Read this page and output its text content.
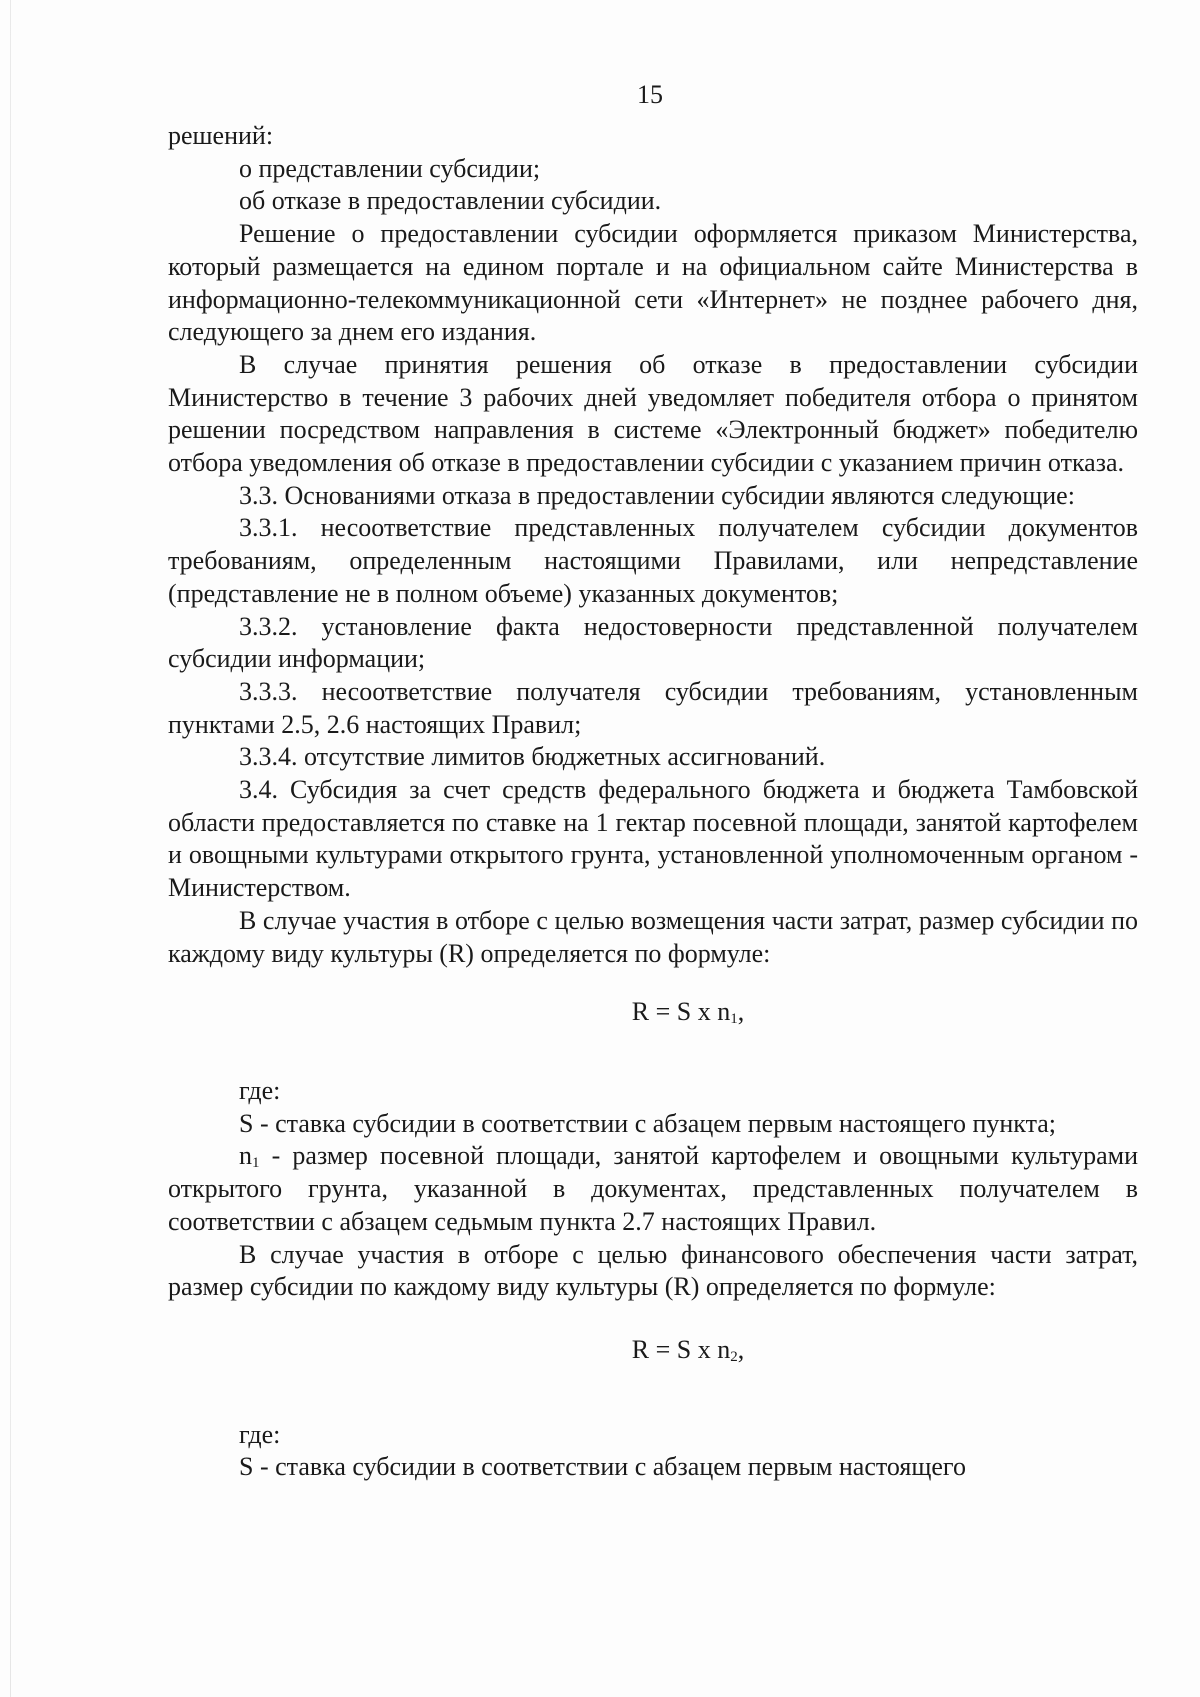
15

решений:

о представлении субсидии;

об отказе в предоставлении субсидии.

Решение о предоставлении субсидии оформляется приказом Министерства, который размещается на едином портале и на официальном сайте Министерства в информационно-телекоммуникационной сети «Интернет» не позднее рабочего дня, следующего за днем его издания.

В случае принятия решения об отказе в предоставлении субсидии Министерство в течение 3 рабочих дней уведомляет победителя отбора о принятом решении посредством направления в системе «Электронный бюджет» победителю отбора уведомления об отказе в предоставлении субсидии с указанием причин отказа.

3.3. Основаниями отказа в предоставлении субсидии являются следующие:

3.3.1. несоответствие представленных получателем субсидии документов требованиям, определенным настоящими Правилами, или непредставление (представление не в полном объеме) указанных документов;

3.3.2. установление факта недостоверности представленной получателем субсидии информации;

3.3.3. несоответствие получателя субсидии требованиям, установленным пунктами 2.5, 2.6 настоящих Правил;

3.3.4. отсутствие лимитов бюджетных ассигнований.

3.4. Субсидия за счет средств федерального бюджета и бюджета Тамбовской области предоставляется по ставке на 1 гектар посевной площади, занятой картофелем и овощными культурами открытого грунта, установленной уполномоченным органом - Министерством.

В случае участия в отборе с целью возмещения части затрат, размер субсидии по каждому виду культуры (R) определяется по формуле:

R = S x $n_1$,

где:

S - ставка субсидии в соответствии с абзацем первым настоящего пункта;

$n_1$ - размер посевной площади, занятой картофелем и овощными культурами открытого грунта, указанной в документах, представленных получателем в соответствии с абзацем седьмым пункта 2.7 настоящих Правил.

В случае участия в отборе с целью финансового обеспечения части затрат, размер субсидии по каждому виду культуры (R) определяется по формуле:

R = S x $n_2$,

где:

S - ставка субсидии в соответствии с абзацем первым настоящего
